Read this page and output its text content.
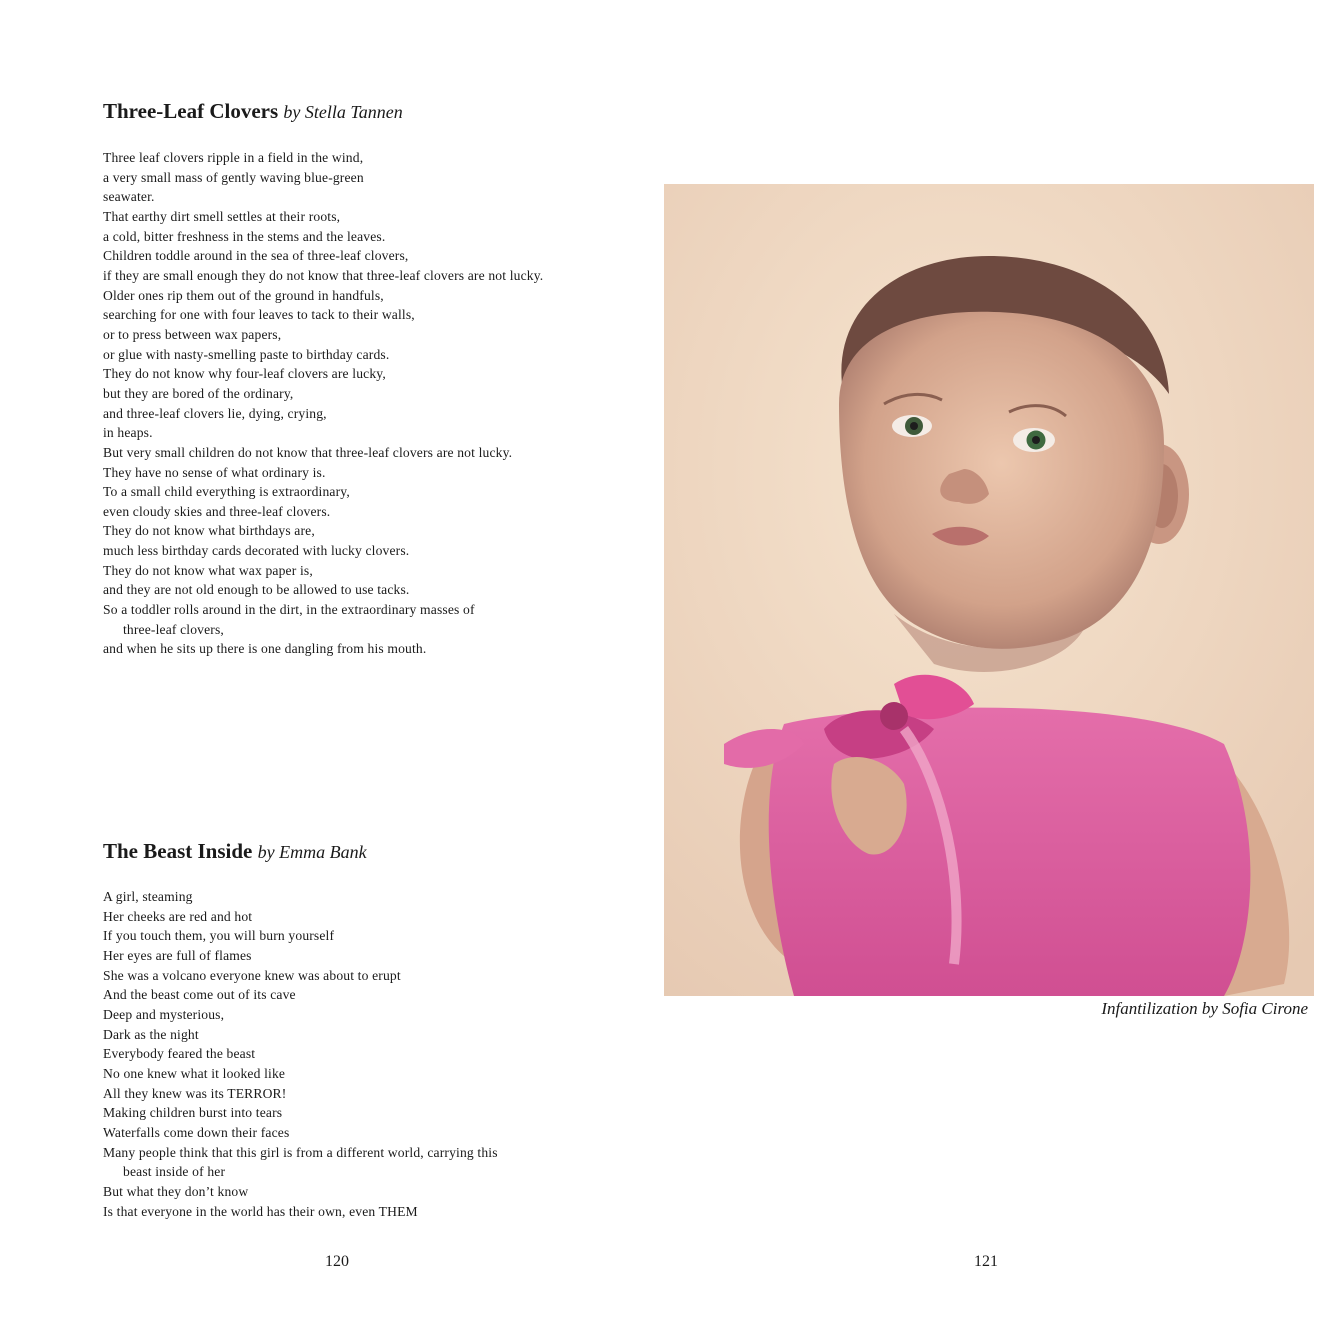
Three-Leaf Clovers by Stella Tannen
Three leaf clovers ripple in a field in the wind,
a very small mass of gently waving blue-green
seawater.
That earthy dirt smell settles at their roots,
a cold, bitter freshness in the stems and the leaves.
Children toddle around in the sea of three-leaf clovers,
if they are small enough they do not know that three-leaf clovers are not lucky.
Older ones rip them out of the ground in handfuls,
searching for one with four leaves to tack to their walls,
or to press between wax papers,
or glue with nasty-smelling paste to birthday cards.
They do not know why four-leaf clovers are lucky,
but they are bored of the ordinary,
and three-leaf clovers lie, dying, crying,
in heaps.
But very small children do not know that three-leaf clovers are not lucky.
They have no sense of what ordinary is.
To a small child everything is extraordinary,
even cloudy skies and three-leaf clovers.
They do not know what birthdays are,
much less birthday cards decorated with lucky clovers.
They do not know what wax paper is,
and they are not old enough to be allowed to use tacks.
So a toddler rolls around in the dirt, in the extraordinary masses of
three-leaf clovers,
and when he sits up there is one dangling from his mouth.
The Beast Inside by Emma Bank
A girl, steaming
Her cheeks are red and hot
If you touch them, you will burn yourself
Her eyes are full of flames
She was a volcano everyone knew was about to erupt
And the beast come out of its cave
Deep and mysterious,
Dark as the night
Everybody feared the beast
No one knew what it looked like
All they knew was its TERROR!
Making children burst into tears
Waterfalls come down their faces
Many people think that this girl is from a different world, carrying this
beast inside of her
But what they don’t know
Is that everyone in the world has their own, even THEM
120
Infantilization by Sofia Cirone
121
